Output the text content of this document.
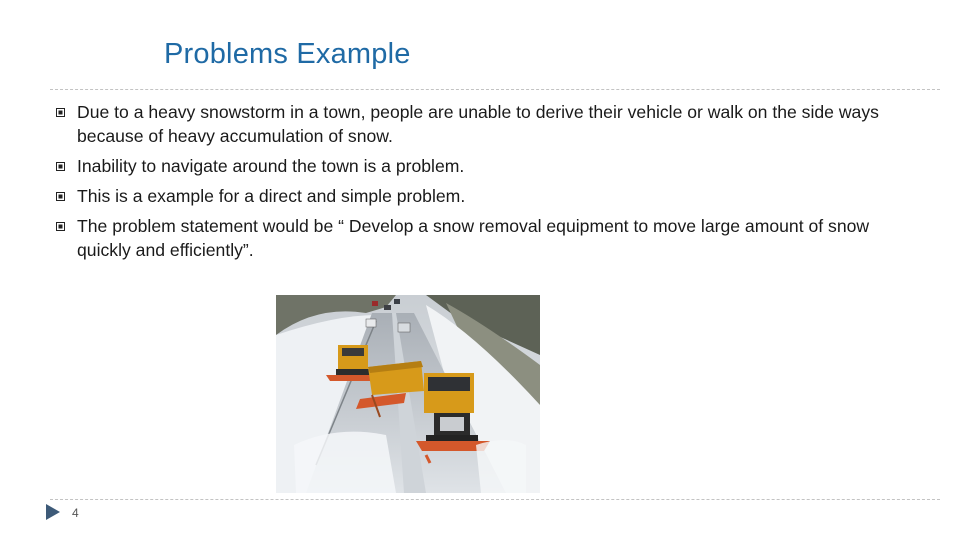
Problems Example
Due to a heavy snowstorm in a town, people are unable to derive their vehicle or walk on the side ways because of heavy accumulation of snow.
Inability to navigate around the town is a problem.
This is a example for a direct and simple problem.
The problem statement would be “ Develop a snow removal equipment to move large amount of snow quickly and efficiently”.
4
